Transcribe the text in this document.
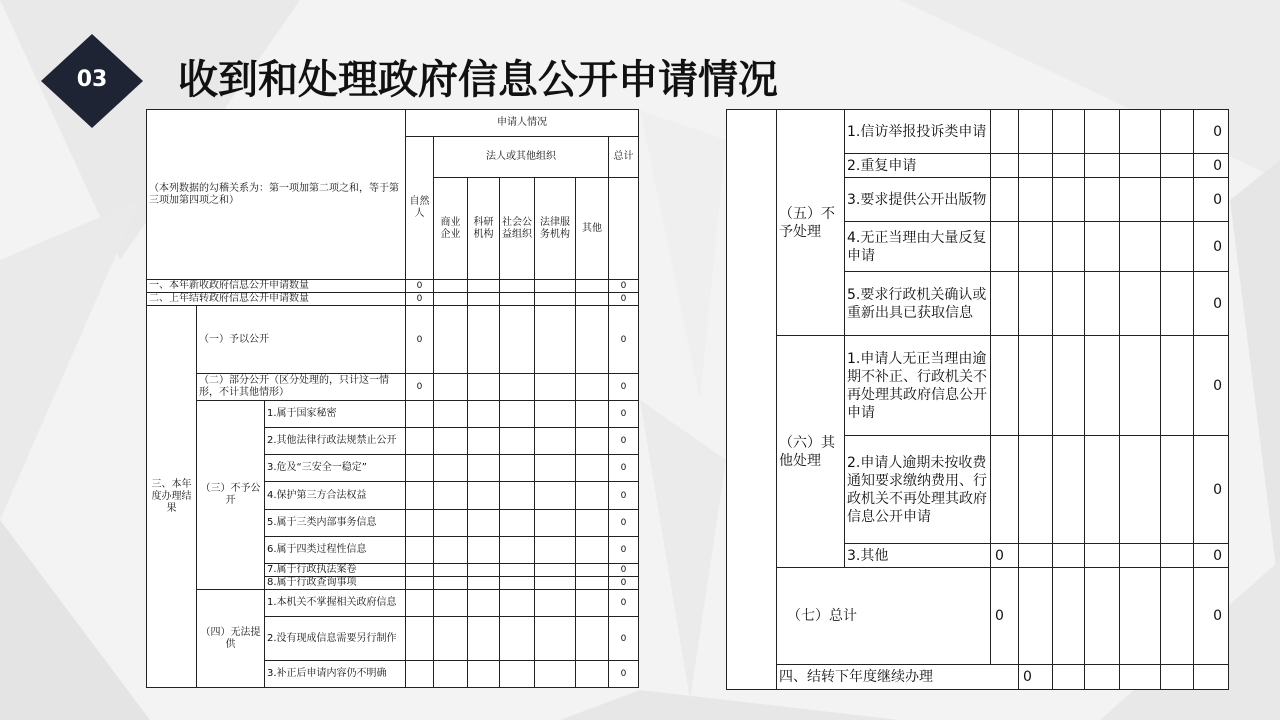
03	收到和处理政府信息公开申请情况
（本列数据的勾稽关系为：第一项加第二项之和，等于第三项加第四项之和）			申请人情况						
			自然人	法人或其他组织					总计
				商业企业	科研机构	社会公益组织	法律服务机构	其他	
一、本年新收政府信息公开申请数量			0						0
二、上年结转政府信息公开申请数量			0						0
三、本年度办理结果	（一）予以公开		0						0
	（二）部分公开（区分处理的，只计这一情形，不计其他情形）		0						0
	（三）不予公开	1.属于国家秘密							0
		2.其他法律行政法规禁止公开							0
		3.危及“三安全一稳定”							0
		4.保护第三方合法权益							0
		5.属于三类内部事务信息							0
		6.属于四类过程性信息							0
		7.属于行政执法案卷							0
		8.属于行政查询事项							0
	（四）无法提供	1.本机关不掌握相关政府信息							0
		2.没有现成信息需要另行制作							0
		3.补正后申请内容仍不明确							0
	（五）不予处理	1.信访举报投诉类申请							0	
		2.重复申请							0	
		3.要求提供公开出版物							0	
		4.无正当理由大量反复申请							0	
		5.要求行政机关确认或重新出具已获取信息							0	
	（六）其他处理	1.申请人无正当理由逾期不补正、行政机关不再处理其政府信息公开申请							0	
		2.申请人逾期未按收费通知要求缴纳费用、行政机关不再处理其政府信息公开申请							0	
		3.其他	0						0	
	（七）总计		0						0	
	四、结转下年度继续办理			0						
